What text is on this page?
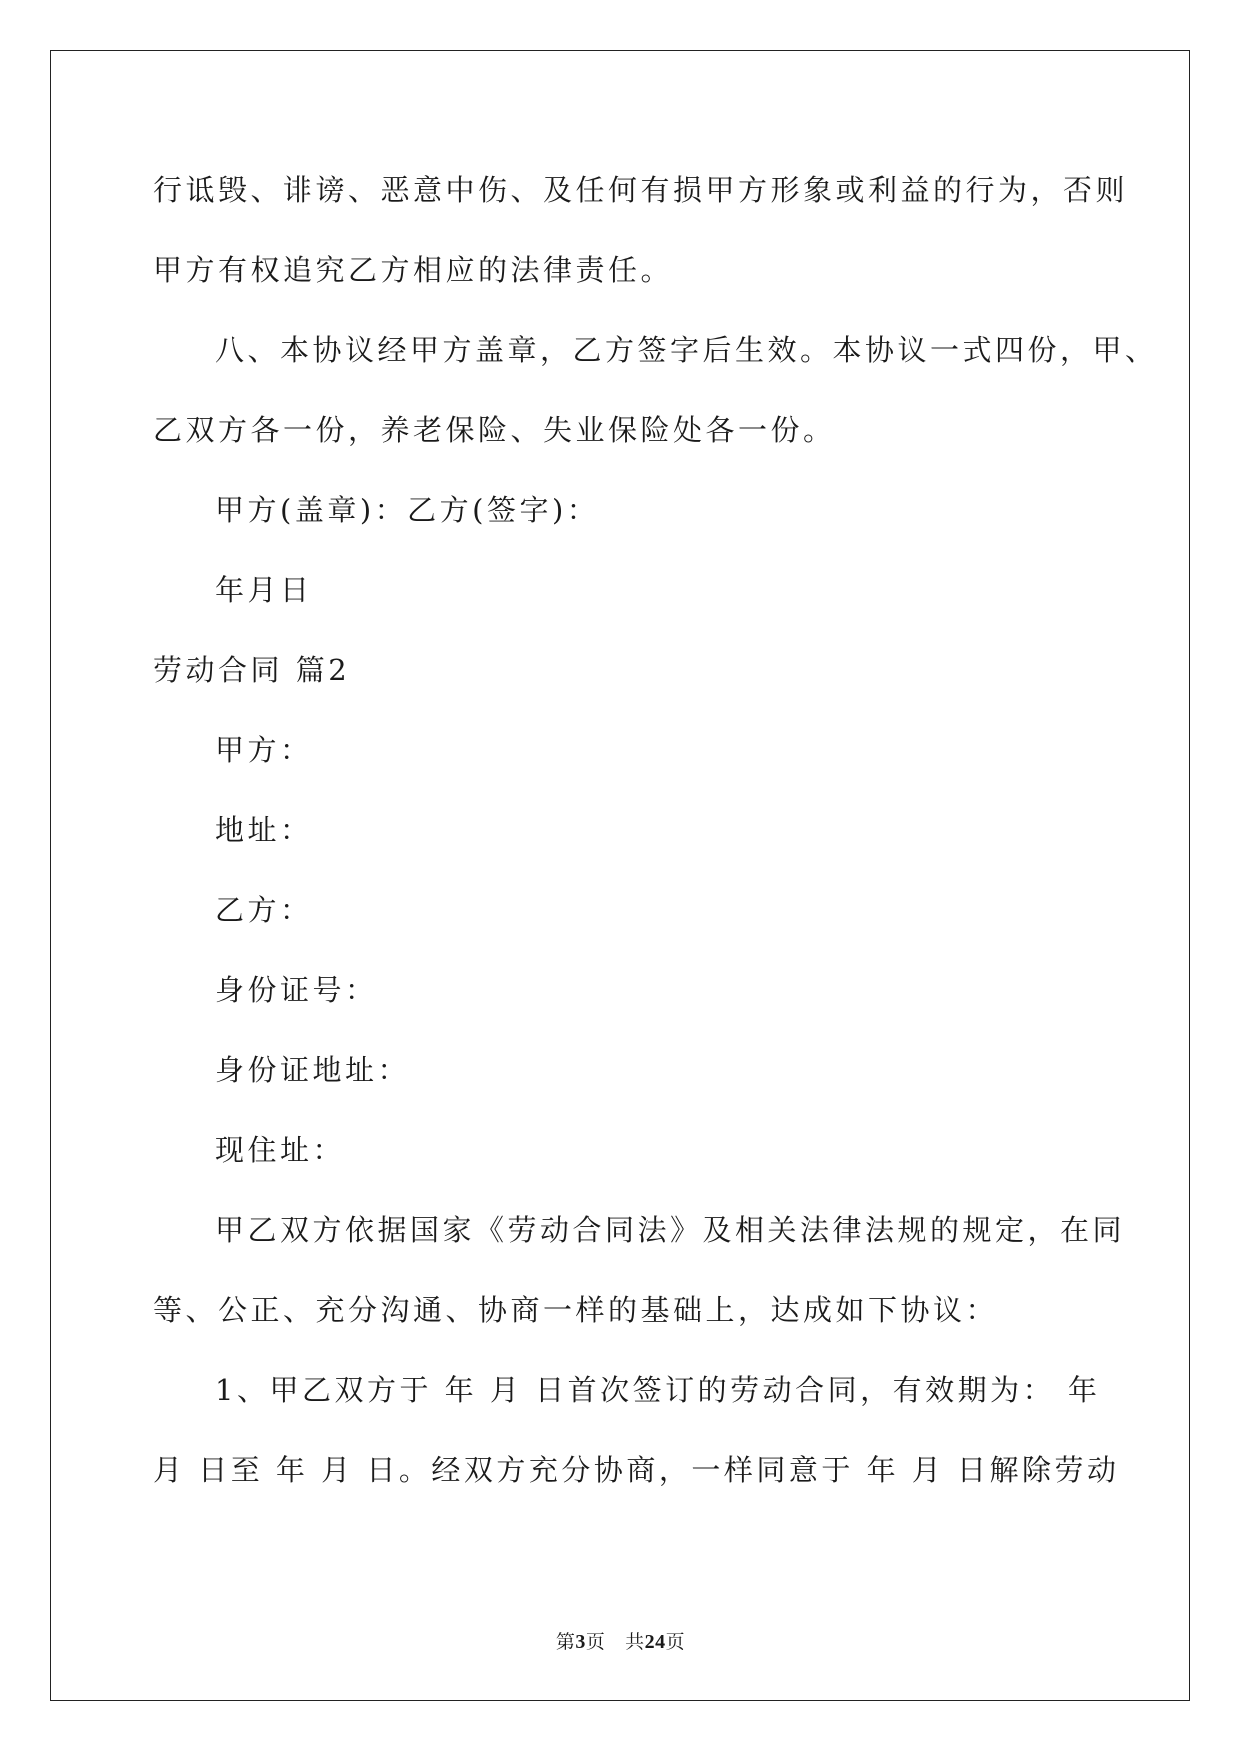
行诋毁、诽谤、恶意中伤、及任何有损甲方形象或利益的行为，否则
甲方有权追究乙方相应的法律责任。
八、本协议经甲方盖章，乙方签字后生效。本协议一式四份，甲、
乙双方各一份，养老保险、失业保险处各一份。
甲方(盖章)：乙方(签字)：
年月日
劳动合同 篇2
甲方：
地址：
乙方：
身份证号：
身份证地址：
现住址：
甲乙双方依据国家《劳动合同法》及相关法律法规的规定，在同
等、公正、充分沟通、协商一样的基础上，达成如下协议：
1、甲乙双方于 年 月 日首次签订的劳动合同，有效期为： 年
月 日至 年 月 日。经双方充分协商，一样同意于 年 月 日解除劳动
第3页 共24页
